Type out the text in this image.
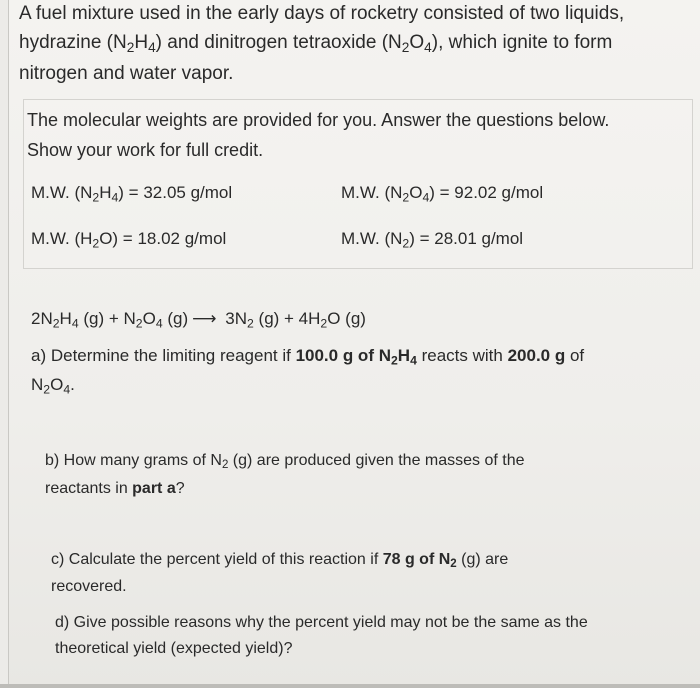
A fuel mixture used in the early days of rocketry consisted of two liquids,
hydrazine $(N_2H_4)$ and dinitrogen tetraoxide $(N_2O_4)$, which ignite to form
nitrogen and water vapor.
The molecular weights are provided for you. Answer the questions below.
Show your work for full credit.
M.W. $(N_2H_4) = 32.05$ g/mol	M.W. $(N_2O_4) = 92.02$ g/mol
M.W. $(H_2O) = 18.02$ g/mol	M.W. $(N_2) = 28.01$ g/mol
$2N_2H_4$ $(g) + N_2O_4$ (g) ⟶ $3N_2$ $(g) + 4H_2O$ (g)
a) Determine the limiting reagent if 100.0 g of $N_2H_4$ reacts with 200.0 g of
$N_2O_4$.
b) How many grams of $N_2$ (g) are produced given the masses of the
reactants in part a?
c) Calculate the percent yield of this reaction if 78 g of $N_2$ (g) are
recovered.
d) Give possible reasons why the percent yield may not be the same as the
theoretical yield (expected yield)?
